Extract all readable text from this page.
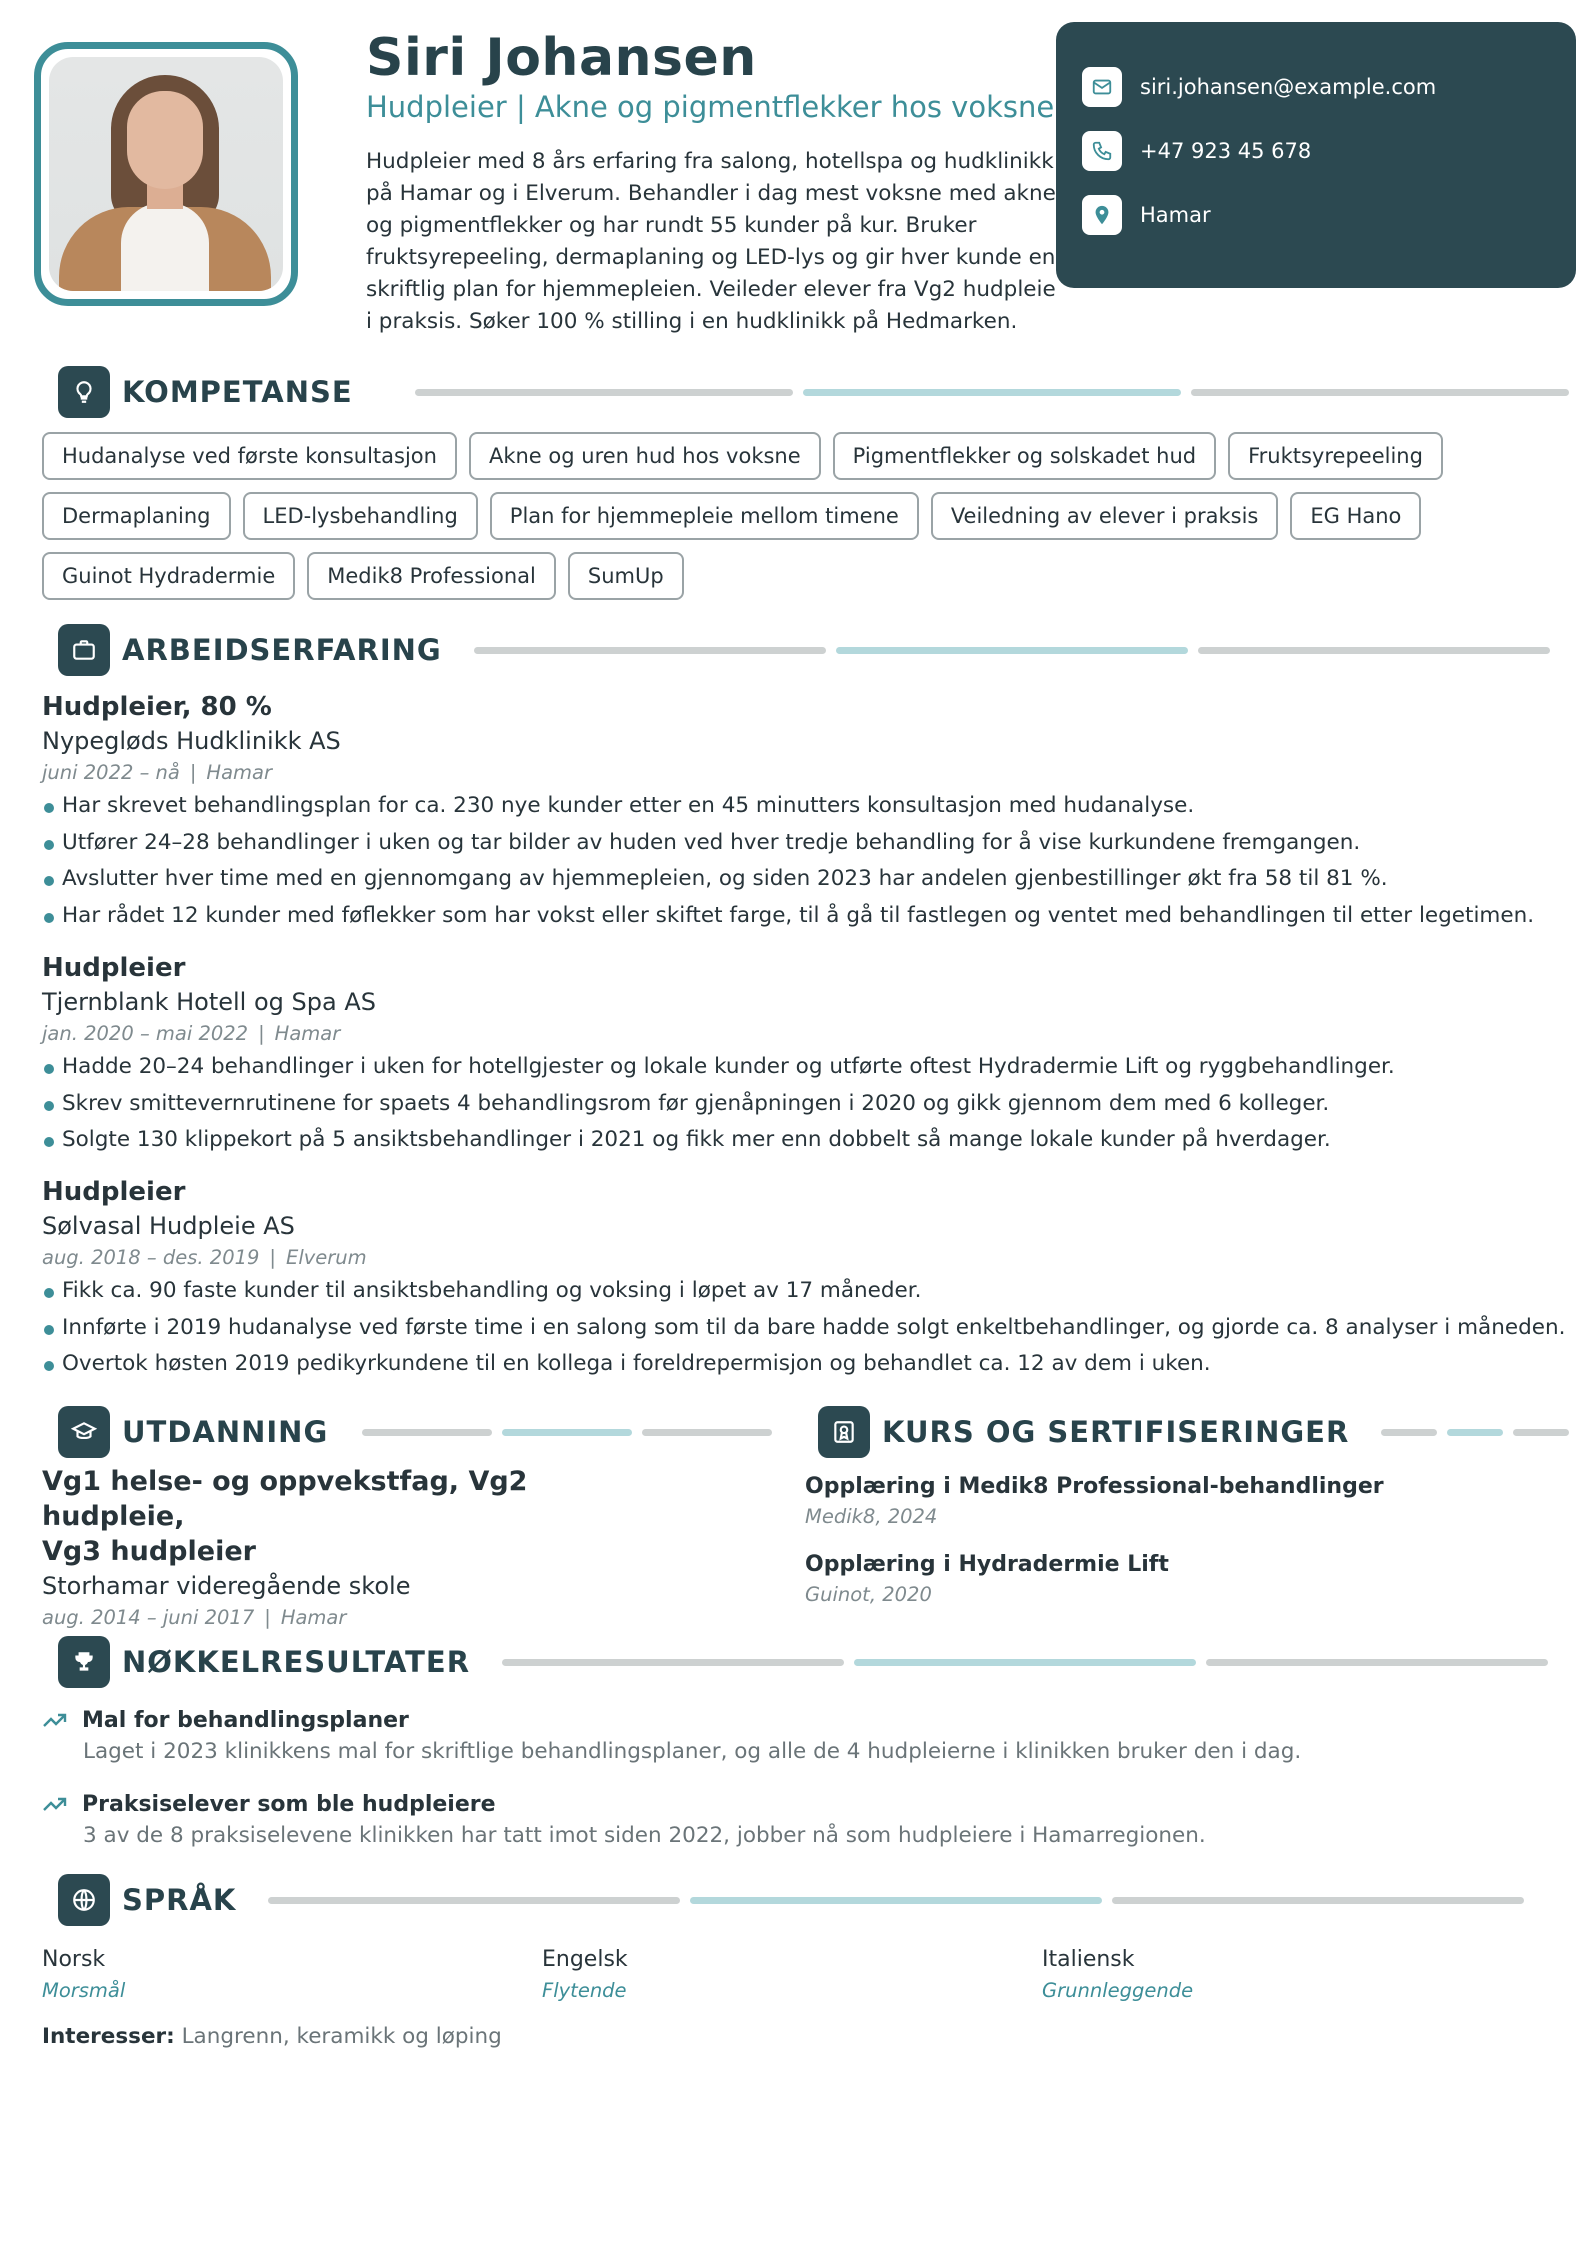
Siri Johansen
Hudpleier | Akne og pigmentflekker hos voksne
Hudpleier med 8 års erfaring fra salong, hotellspa og hudklinikk på Hamar og i Elverum. Behandler i dag mest voksne med akne og pigmentflekker og har rundt 55 kunder på kur. Bruker fruktsyrepeeling, dermaplaning og LED-lys og gir hver kunde en skriftlig plan for hjemmepleien. Veileder elever fra Vg2 hudpleie i praksis. Søker 100 % stilling i en hudklinikk på Hedmarken.
siri.johansen@example.com
+47 923 45 678
Hamar
KOMPETANSE
Hudanalyse ved første konsultasjon	Akne og uren hud hos voksne	Pigmentflekker og solskadet hud	Fruktsyrepeeling
Dermaplaning	LED-lysbehandling	Plan for hjemmepleie mellom timene	Veiledning av elever i praksis	EG Hano
Guinot Hydradermie	Medik8 Professional	SumUp
ARBEIDSERFARING
Hudpleier, 80 %
Nypegløds Hudklinikk AS
juni 2022 – nå | Hamar
Har skrevet behandlingsplan for ca. 230 nye kunder etter en 45 minutters konsultasjon med hudanalyse.
Utfører 24–28 behandlinger i uken og tar bilder av huden ved hver tredje behandling for å vise kurkundene fremgangen.
Avslutter hver time med en gjennomgang av hjemmepleien, og siden 2023 har andelen gjenbestillinger økt fra 58 til 81 %.
Har rådet 12 kunder med føflekker som har vokst eller skiftet farge, til å gå til fastlegen og ventet med behandlingen til etter legetimen.
Hudpleier
Tjernblank Hotell og Spa AS
jan. 2020 – mai 2022 | Hamar
Hadde 20–24 behandlinger i uken for hotellgjester og lokale kunder og utførte oftest Hydradermie Lift og ryggbehandlinger.
Skrev smittevernrutinene for spaets 4 behandlingsrom før gjenåpningen i 2020 og gikk gjennom dem med 6 kolleger.
Solgte 130 klippekort på 5 ansiktsbehandlinger i 2021 og fikk mer enn dobbelt så mange lokale kunder på hverdager.
Hudpleier
Sølvasal Hudpleie AS
aug. 2018 – des. 2019 | Elverum
Fikk ca. 90 faste kunder til ansiktsbehandling og voksing i løpet av 17 måneder.
Innførte i 2019 hudanalyse ved første time i en salong som til da bare hadde solgt enkeltbehandlinger, og gjorde ca. 8 analyser i måneden.
Overtok høsten 2019 pedikyrkundene til en kollega i foreldrepermisjon og behandlet ca. 12 av dem i uken.
UTDANNING
Vg1 helse- og oppvekstfag, Vg2 hudpleie,
Vg3 hudpleier
Storhamar videregående skole
aug. 2014 – juni 2017 | Hamar
KURS OG SERTIFISERINGER
Opplæring i Medik8 Professional-behandlinger
Medik8, 2024
Opplæring i Hydradermie Lift
Guinot, 2020
NØKKELRESULTATER
Mal for behandlingsplaner
Laget i 2023 klinikkens mal for skriftlige behandlingsplaner, og alle de 4 hudpleierne i klinikken bruker den i dag.
Praksiselever som ble hudpleiere
3 av de 8 praksiselevene klinikken har tatt imot siden 2022, jobber nå som hudpleiere i Hamarregionen.
SPRÅK
Norsk
Morsmål
Engelsk
Flytende
Italiensk
Grunnleggende
Interesser: Langrenn, keramikk og løping
